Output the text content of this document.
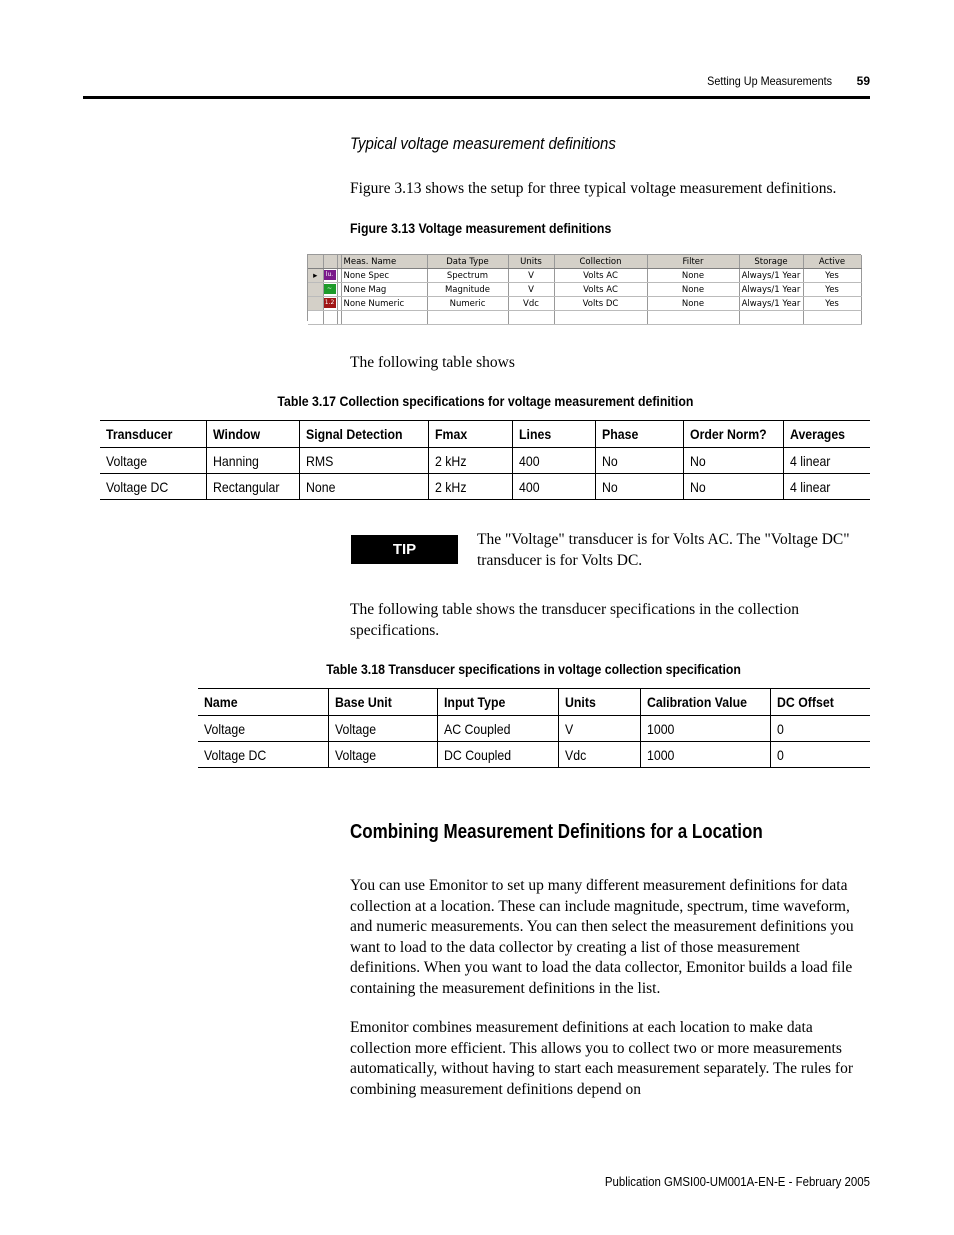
Setting Up Measurements	59
Typical voltage measurement definitions
Figure 3.13 shows the setup for three typical voltage measurement definitions.
Figure 3.13 Voltage measurement definitions
			Meas. Name	Data Type	Units	Collection	Filter	Storage	Active
▸	lu.		None Spec	Spectrum	V	Volts AC	None	Always/1 Year	Yes
	~		None Mag	Magnitude	V	Volts AC	None	Always/1 Year	Yes
	1.2		None Numeric	Numeric	Vdc	Volts DC	None	Always/1 Year	Yes

The following table shows
Table 3.17 Collection specifications for voltage measurement definition
Transducer	Window	Signal Detection	Fmax	Lines	Phase	Order Norm?	Averages
Voltage	Hanning	RMS	2 kHz	400	No	No	4 linear
Voltage DC	Rectangular	None	2 kHz	400	No	No	4 linear
TIP
The "Voltage" transducer is for Volts AC. The "Voltage DC" transducer is for Volts DC.
The following table shows the transducer specifications in the collection specifications.
Table 3.18 Transducer specifications in voltage collection specification
Name	Base Unit	Input Type	Units	Calibration Value	DC Offset
Voltage	Voltage	AC Coupled	V	1000	0
Voltage DC	Voltage	DC Coupled	Vdc	1000	0
Combining Measurement Definitions for a Location
You can use Emonitor to set up many different measurement definitions for data collection at a location. These can include magnitude, spectrum, time waveform, and numeric measurements. You can then select the measurement definitions you want to load to the data collector by creating a list of those measurement definitions. When you want to load the data collector, Emonitor builds a load file containing the measurement definitions in the list.
Emonitor combines measurement definitions at each location to make data collection more efficient. This allows you to collect two or more measurements automatically, without having to start each measurement separately. The rules for combining measurement definitions depend on
Publication GMSI00-UM001A-EN-E - February 2005
